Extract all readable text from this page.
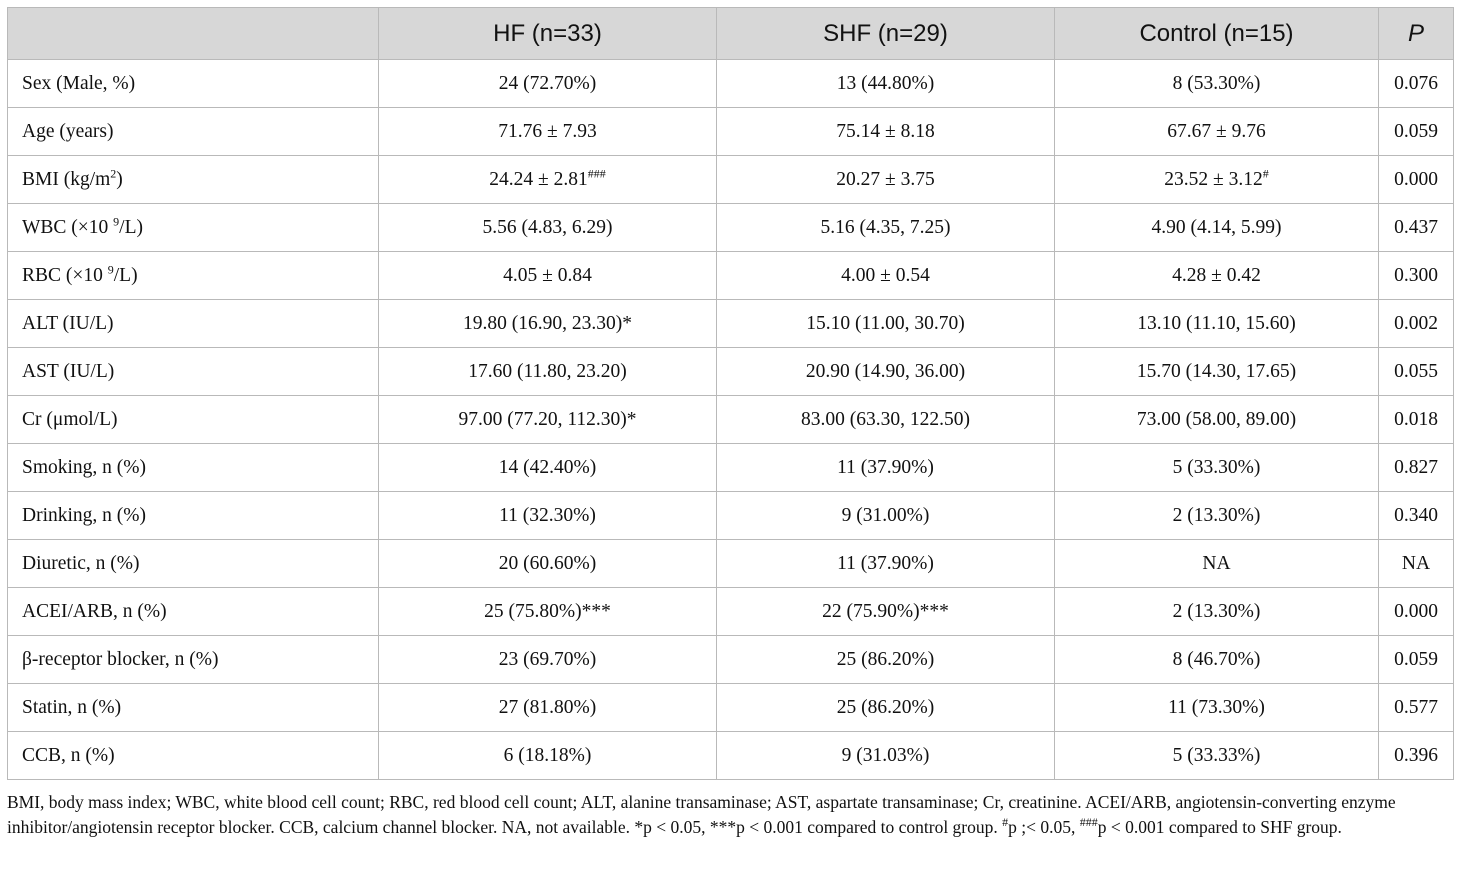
	HF (n=33)	SHF (n=29)	Control (n=15)	P
Sex (Male, %)	24 (72.70%)	13 (44.80%)	8 (53.30%)	0.076
Age (years)	71.76 ± 7.93	75.14 ± 8.18	67.67 ± 9.76	0.059
BMI $(kg/m^2)$	24.24 ± 2.81###	20.27 ± 3.75	23.52 ± 3.12#	0.000
WBC (×10 $^9$/L)	5.56 (4.83, 6.29)	5.16 (4.35, 7.25)	4.90 (4.14, 5.99)	0.437
RBC (×10 $^9$/L)	4.05 ± 0.84	4.00 ± 0.54	4.28 ± 0.42	0.300
ALT (IU/L)	19.80 (16.90, 23.30)*	15.10 (11.00, 30.70)	13.10 (11.10, 15.60)	0.002
AST (IU/L)	17.60 (11.80, 23.20)	20.90 (14.90, 36.00)	15.70 (14.30, 17.65)	0.055
Cr (μmol/L)	97.00 (77.20, 112.30)*	83.00 (63.30, 122.50)	73.00 (58.00, 89.00)	0.018
Smoking, n (%)	14 (42.40%)	11 (37.90%)	5 (33.30%)	0.827
Drinking, n (%)	11 (32.30%)	9 (31.00%)	2 (13.30%)	0.340
Diuretic, n (%)	20 (60.60%)	11 (37.90%)	NA	NA
ACEI/ARB, n (%)	25 (75.80%)***	22 (75.90%)***	2 (13.30%)	0.000
β-receptor blocker, n (%)	23 (69.70%)	25 (86.20%)	8 (46.70%)	0.059
Statin, n (%)	27 (81.80%)	25 (86.20%)	11 (73.30%)	0.577
CCB, n (%)	6 (18.18%)	9 (31.03%)	5 (33.33%)	0.396
BMI, body mass index; WBC, white blood cell count; RBC, red blood cell count; ALT, alanine transaminase; AST, aspartate transaminase; Cr, creatinine. ACEI/ARB, angiotensin-converting enzyme inhibitor/angiotensin receptor blocker. CCB, calcium channel blocker. NA, not available. *p < 0.05, ***p < 0.001 compared to control group. #p ;< 0.05, ###p < 0.001 compared to SHF group.
